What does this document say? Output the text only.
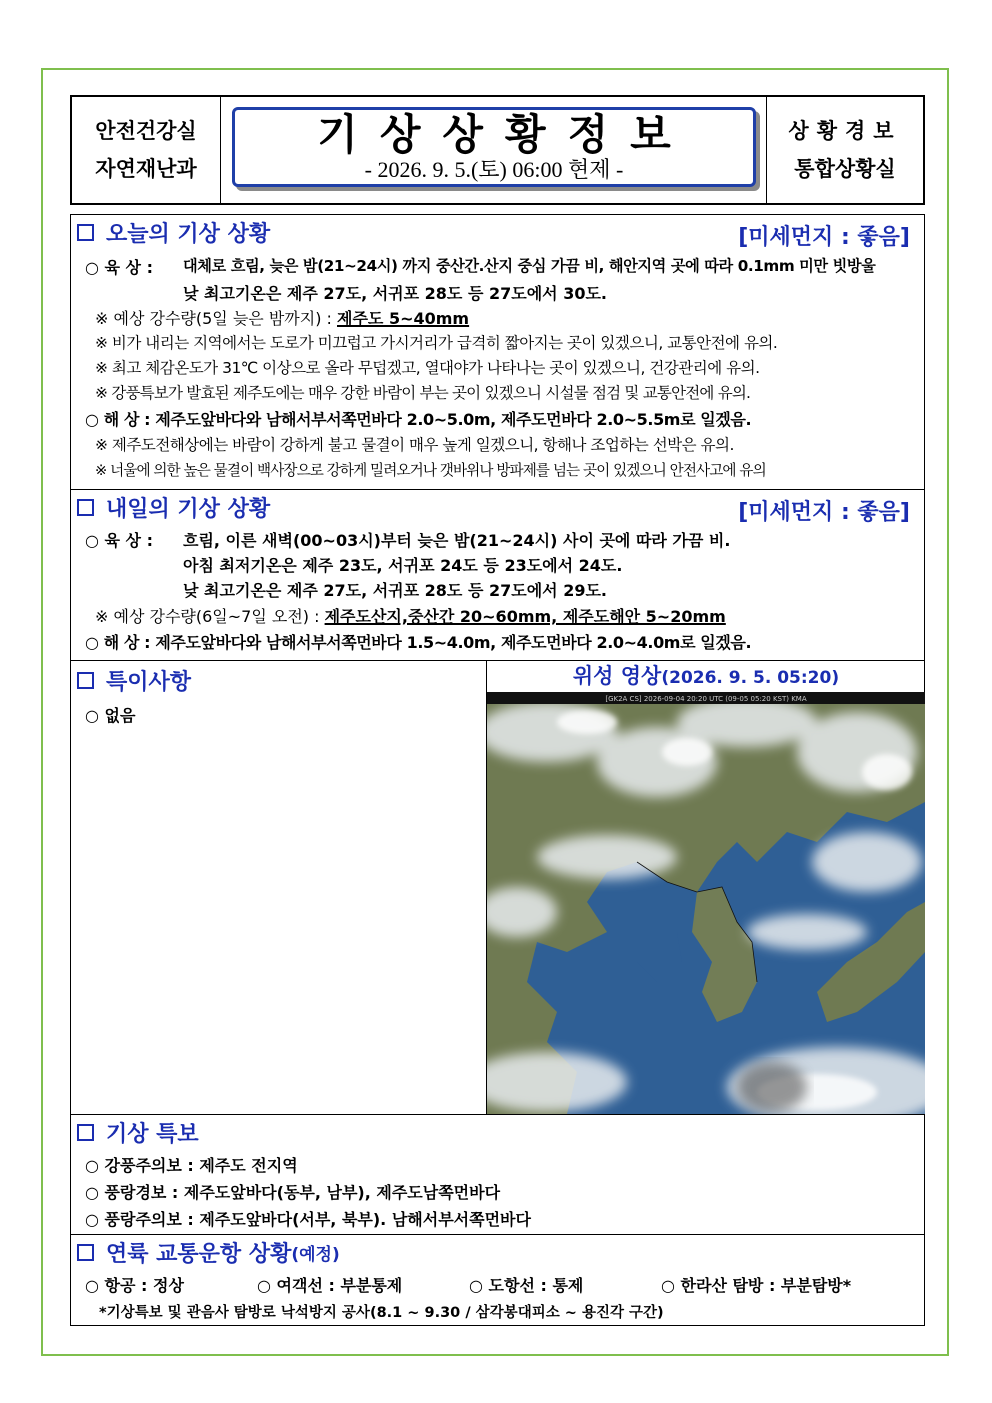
안전건강실
자연재난과
기상상황정보
- 2026. 9. 5.(토) 06:00 현제 -
상황경보
통합상황실
오늘의 기상 상황	[미세먼지 : 좋음]
○ 육 상 : 대체로 흐림, 늦은 밤(21~24시) 까지 중산간.산지 중심 가끔 비, 해안지역 곳에 따라 0.1mm 미만 빗방울
낮 최고기온은 제주 27도, 서귀포 28도 등 27도에서 30도.
※ 예상 강수량(5일 늦은 밤까지) : 제주도 5~40mm
※ 비가 내리는 지역에서는 도로가 미끄럽고 가시거리가 급격히 짧아지는 곳이 있겠으니, 교통안전에 유의.
※ 최고 체감온도가 31℃ 이상으로 올라 무덥겠고, 열대야가 나타나는 곳이 있겠으니, 건강관리에 유의.
※ 강풍특보가 발효된 제주도에는 매우 강한 바람이 부는 곳이 있겠으니 시설물 점검 및 교통안전에 유의.
○ 해 상 : 제주도앞바다와 남해서부서쪽먼바다 2.0~5.0m, 제주도먼바다 2.0~5.5m로 일겠음.
※ 제주도전해상에는 바람이 강하게 불고 물결이 매우 높게 일겠으니, 항해나 조업하는 선박은 유의.
※ 너울에 의한 높은 물결이 백사장으로 강하게 밀려오거나 갯바위나 방파제를 넘는 곳이 있겠으니 안전사고에 유의
내일의 기상 상황	[미세먼지 : 좋음]
○ 육 상 : 흐림, 이른 새벽(00~03시)부터 늦은 밤(21~24시) 사이 곳에 따라 가끔 비.
아침 최저기온은 제주 23도, 서귀포 24도 등 23도에서 24도.
낮 최고기온은 제주 27도, 서귀포 28도 등 27도에서 29도.
※ 예상 강수량(6일~7일 오전) : 제주도산지,중산간 20~60mm, 제주도해안 5~20mm
○ 해 상 : 제주도앞바다와 남해서부서쪽먼바다 1.5~4.0m, 제주도먼바다 2.0~4.0m로 일겠음.
특이사항
○ 없음
위성 영상(2026. 9. 5. 05:20)
[GK2A CS] 2026-09-04 20:20 UTC (09-05 05:20 KST) KMA
기상 특보
○ 강풍주의보 : 제주도 전지역
○ 풍랑경보 : 제주도앞바다(동부, 남부), 제주도남쪽먼바다
○ 풍랑주의보 : 제주도앞바다(서부, 북부). 남해서부서쪽먼바다
연륙 교통운항 상황 (예정)
○ 항공 : 정상	○ 여객선 : 부분통제	○ 도항선 : 통제	○ 한라산 탐방 : 부분탐방*
*기상특보 및 관음사 탐방로 낙석방지 공사(8.1 ~ 9.30 / 삼각봉대피소 ~ 용진각 구간)
